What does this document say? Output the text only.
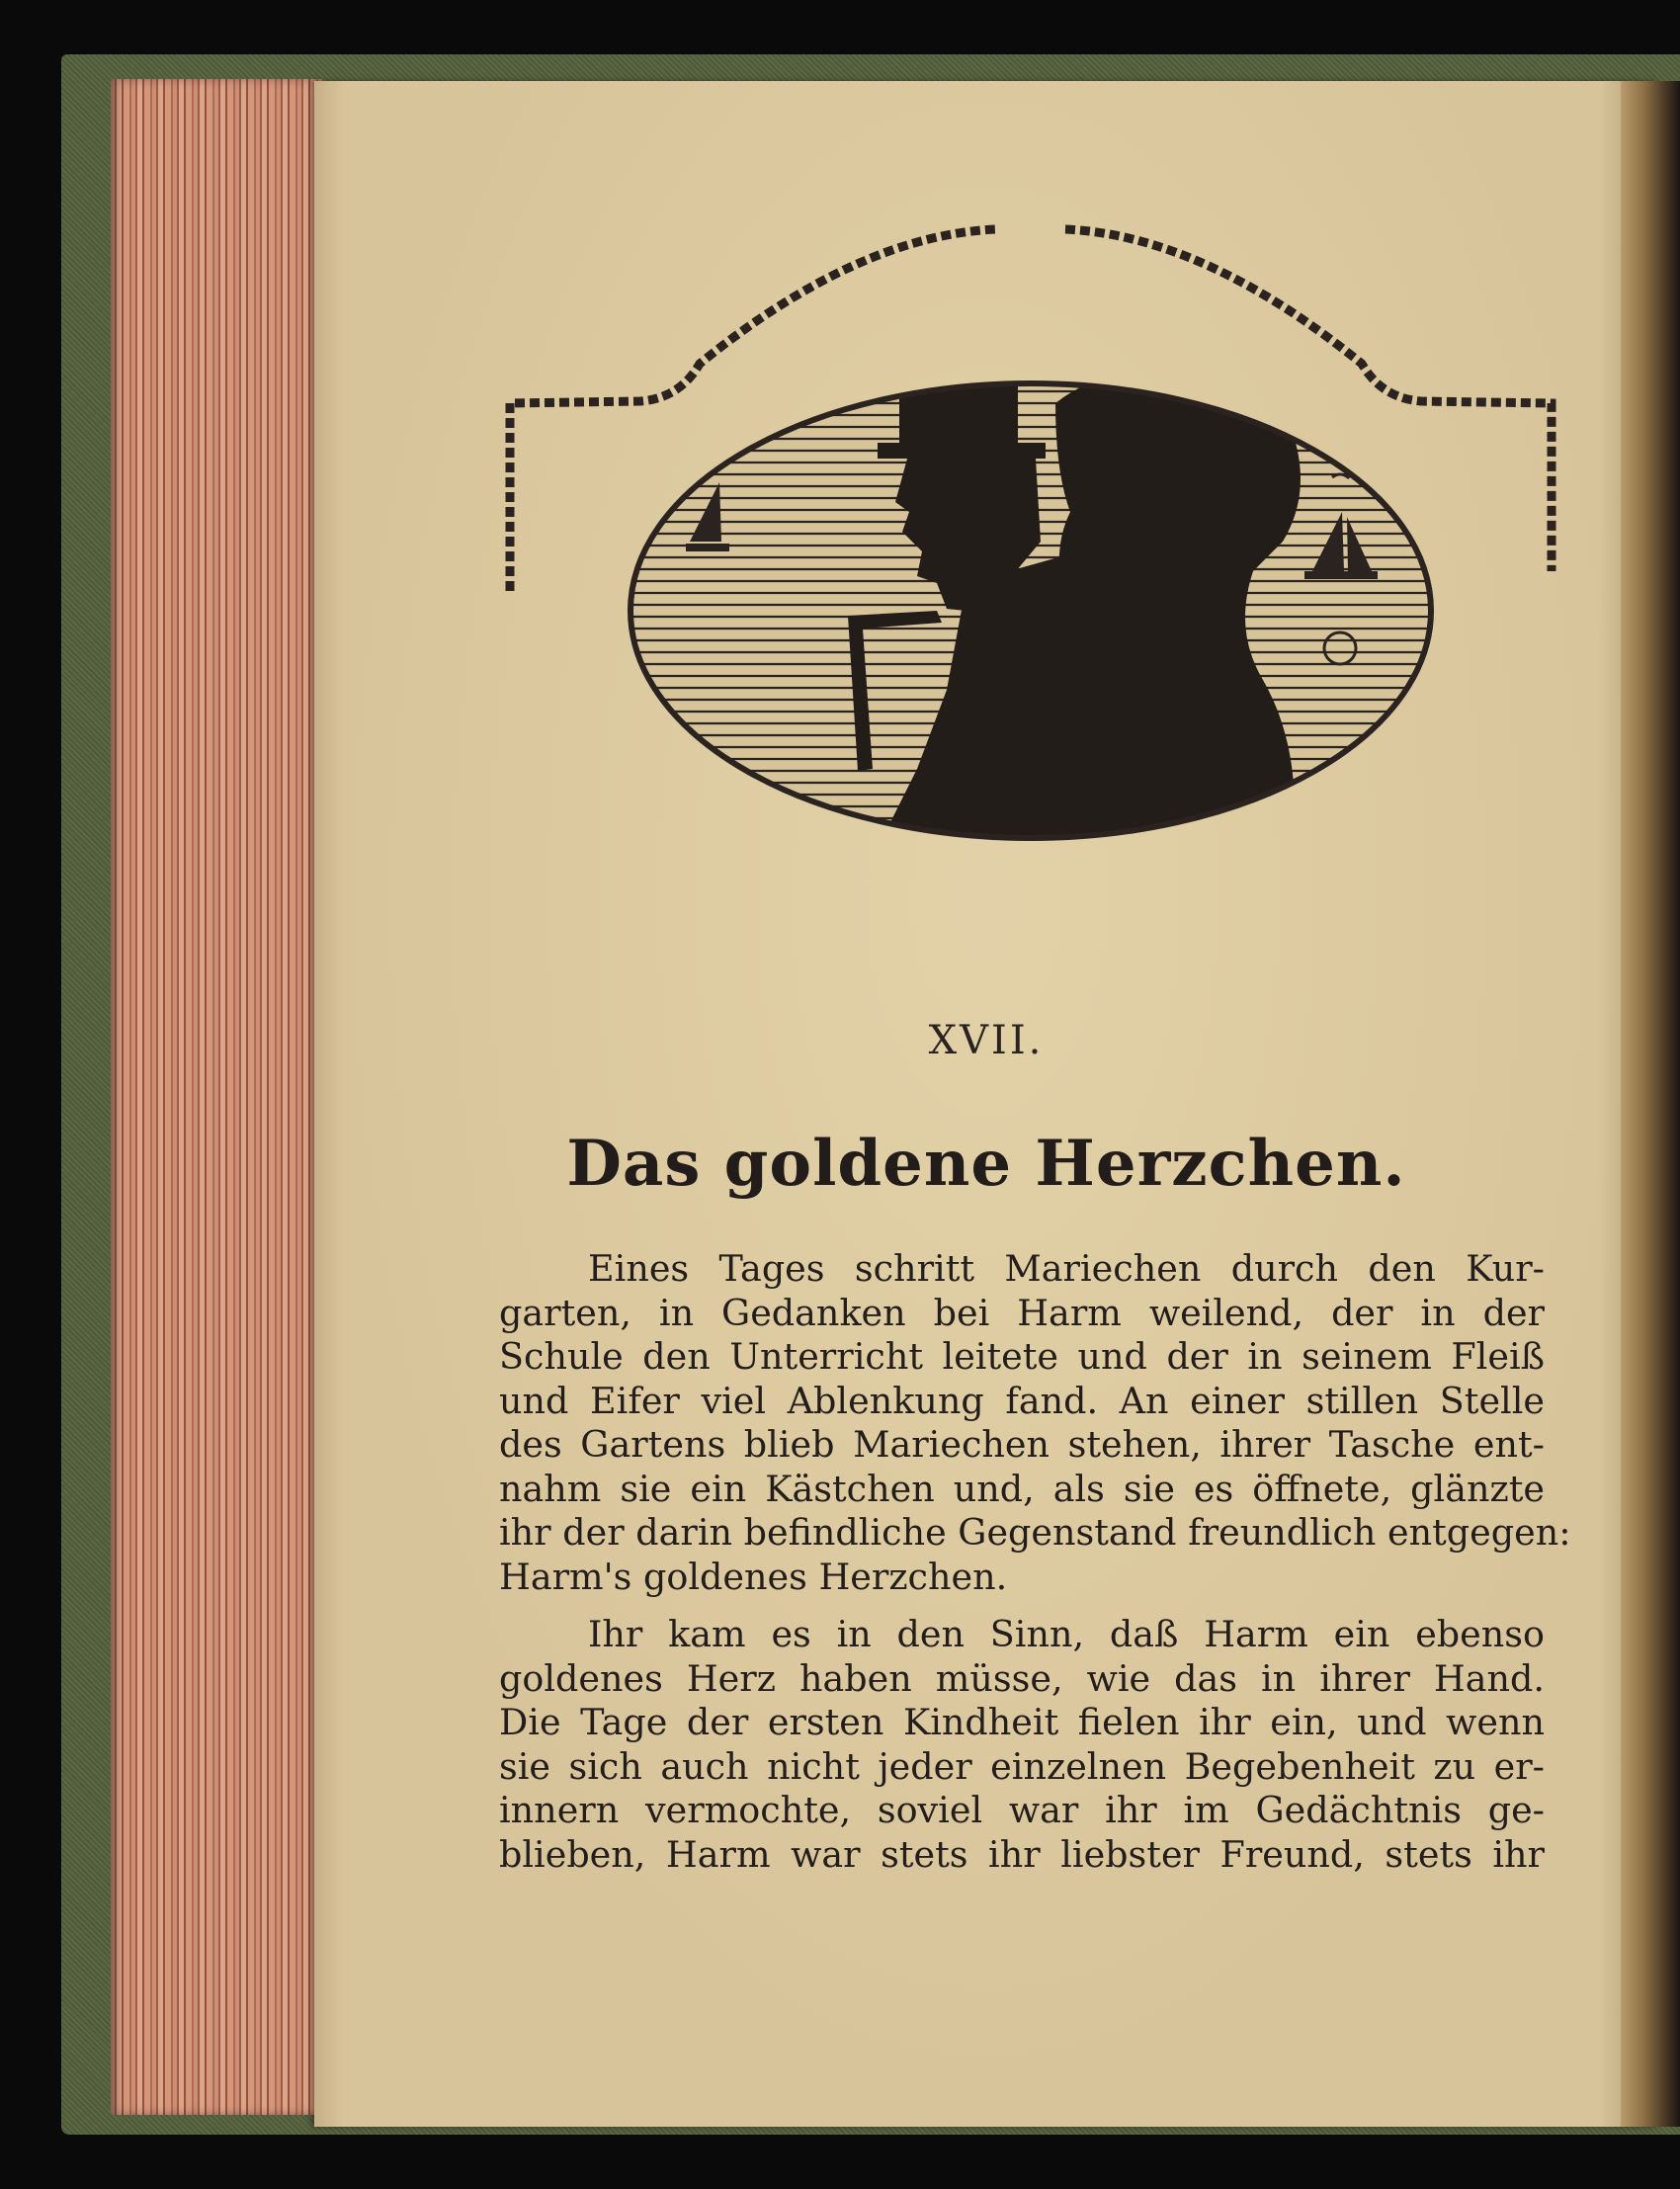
XVII.
Das goldene Herzchen.
Eines Tages schritt Mariechen durch den Kur-
garten, in Gedanken bei Harm weilend, der in der
Schule den Unterricht leitete und der in seinem Fleiß
und Eifer viel Ablenkung fand. An einer stillen Stelle
des Gartens blieb Mariechen stehen, ihrer Tasche ent-
nahm sie ein Kästchen und, als sie es öffnete, glänzte
ihr der darin befindliche Gegenstand freundlich entgegen:
Harm's goldenes Herzchen.
Ihr kam es in den Sinn, daß Harm ein ebenso
goldenes Herz haben müsse, wie das in ihrer Hand.
Die Tage der ersten Kindheit fielen ihr ein, und wenn
sie sich auch nicht jeder einzelnen Begebenheit zu er-
innern vermochte, soviel war ihr im Gedächtnis ge-
blieben, Harm war stets ihr liebster Freund, stets ihr
